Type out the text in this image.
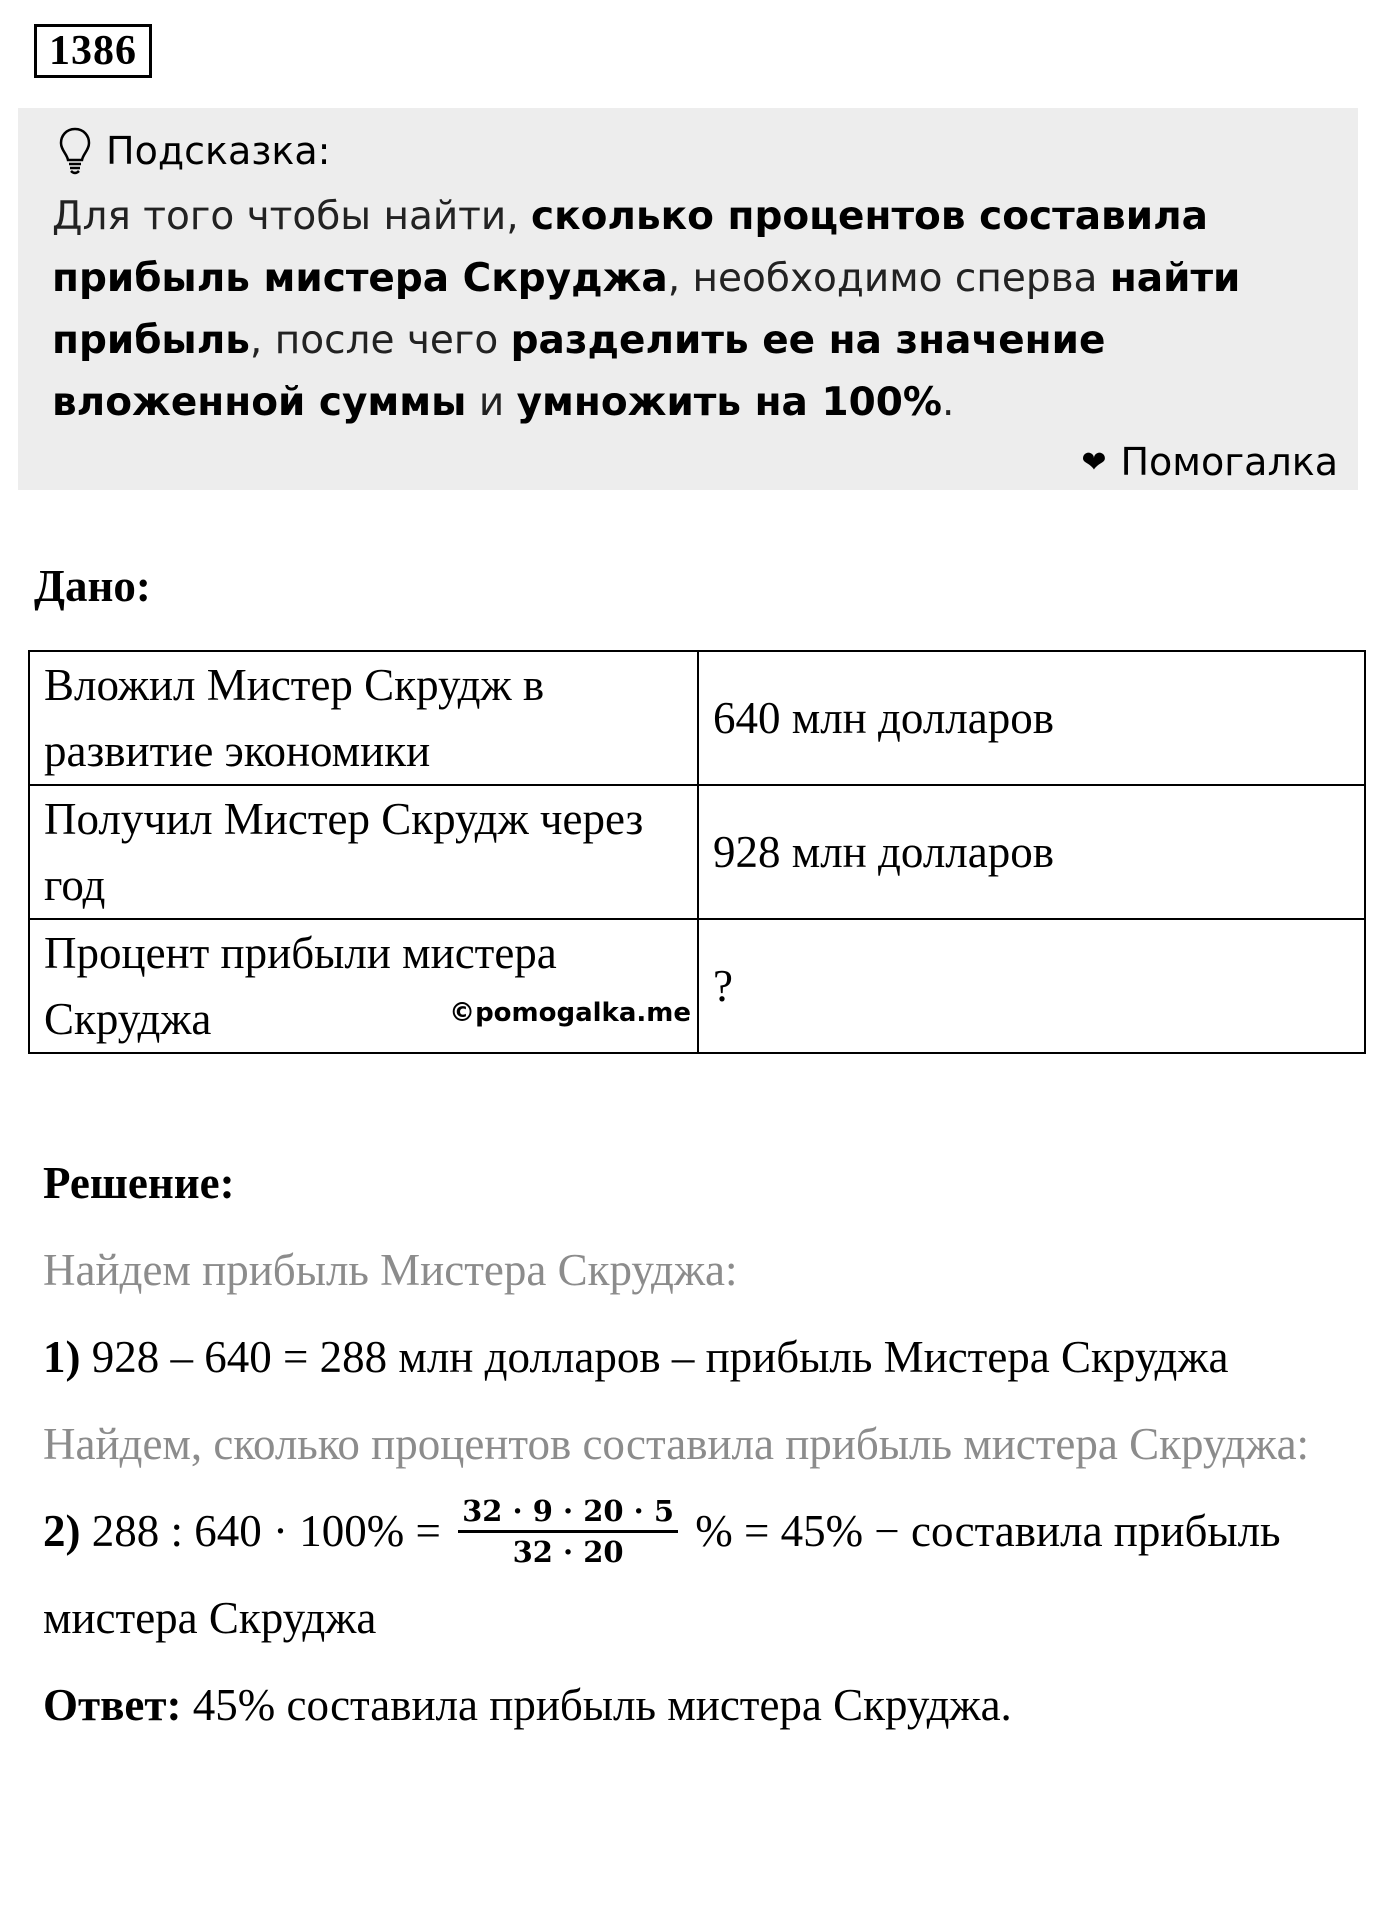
1386
Подсказка:
Для того чтобы найти, сколько процентов составила прибыль мистера Скруджа, необходимо сперва найти прибыль, после чего разделить ее на значение вложенной суммы и умножить на 100%.
❤ Помогалка
Дано:
Вложил Мистер Скрудж в развитие экономики	640 млн долларов
Получил Мистер Скрудж через год	928 млн долларов
Процент прибыли мистера Скруджа ©pomogalka.me	?
Решение:
Найдем прибыль Мистера Скруджа:
1) 928 – 640 = 288 млн долларов – прибыль Мистера Скруджа
Найдем, сколько процентов составила прибыль мистера Скруджа:
2) 288 : $640 \cdot 100\% = \frac{32 \cdot 9 \cdot 20 \cdot 5}{32 \cdot 20}$ % = 45% − составила прибыль мистера Скруджа
Ответ: 45% составила прибыль мистера Скруджа.
